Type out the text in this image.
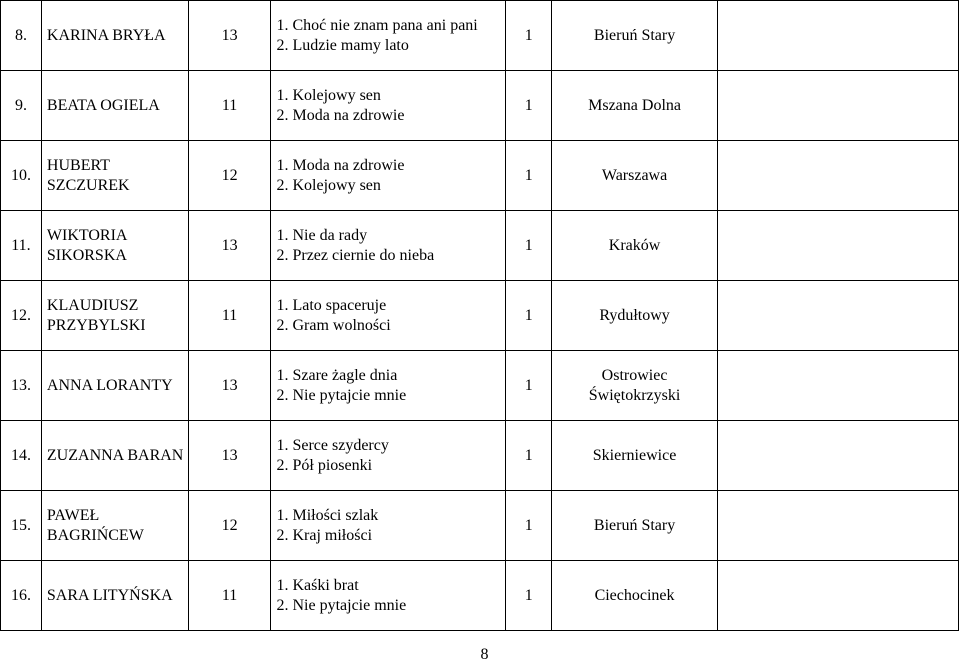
8.	KARINA BRYŁA	13	1. Choć nie znam pana ani pani
2. Ludzie mamy lato	1	Bieruń Stary	

9.	BEATA OGIELA	11	1. Kolejowy sen
2. Moda na zdrowie	1	Mszana Dolna	

10.	HUBERT SZCZUREK	12	1. Moda na zdrowie
2. Kolejowy sen	1	Warszawa	

11.	WIKTORIA
SIKORSKA	13	1. Nie da rady
2. Przez ciernie do nieba	1	Kraków	

12.	KLAUDIUSZ
PRZYBYLSKI	11	1. Lato spaceruje
2. Gram wolności	1	Rydułtowy	

13.	ANNA LORANTY	13	1. Szare żagle dnia
2. Nie pytajcie mnie	1	Ostrowiec
Świętokrzyski	

14.	ZUZANNA BARAN	13	1. Serce szydercy
2. Pół piosenki	1	Skierniewice	

15.	PAWEŁ BAGRIŃCEW	12	1. Miłości szlak
2. Kraj miłości	1	Bieruń Stary	

16.	SARA LITYŃSKA	11	1. Kaśki brat
2. Nie pytajcie mnie	1	Ciechocinek	

8
